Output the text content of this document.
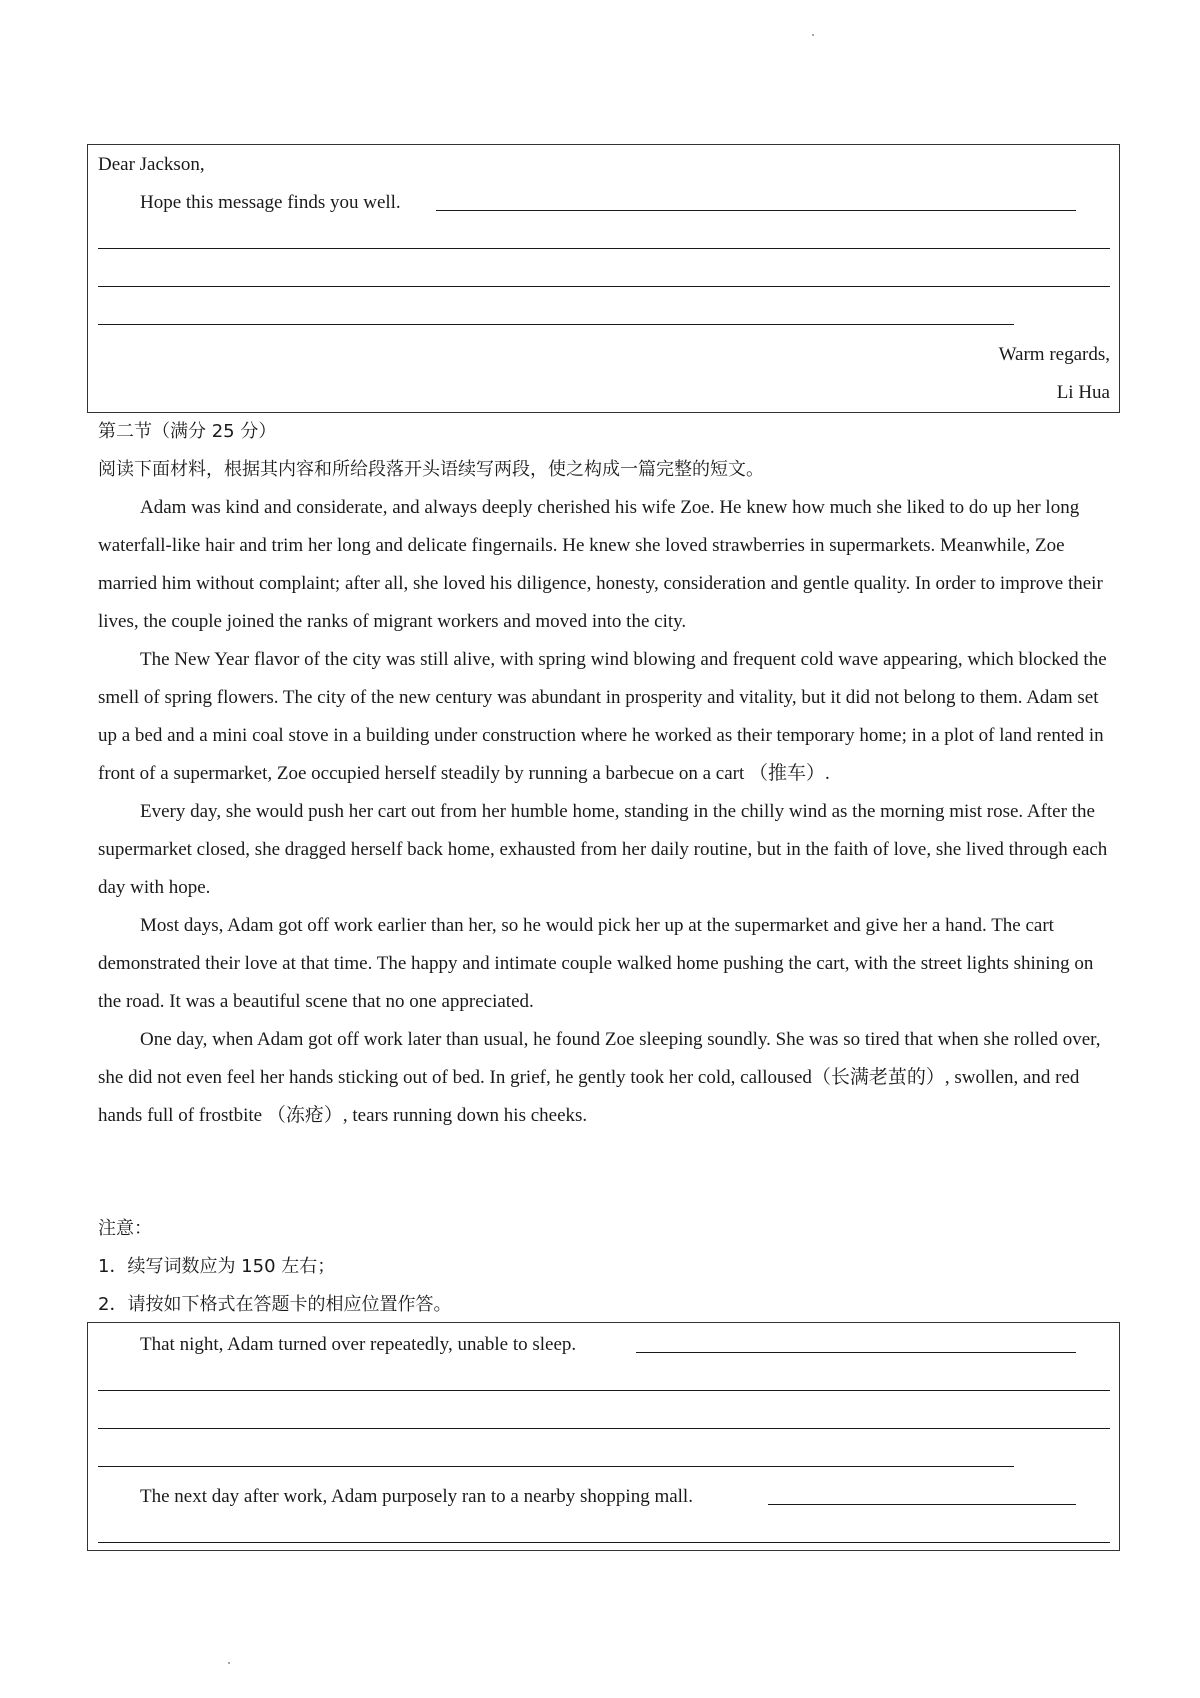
Dear Jackson,
Hope this message finds you well.
Warm regards,
Li Hua
第二节（满分 25 分）
阅读下面材料，根据其内容和所给段落开头语续写两段，使之构成一篇完整的短文。

Adam was kind and considerate, and always deeply cherished his wife Zoe. He knew how much she liked to do up her long waterfall-like hair and trim her long and delicate fingernails. He knew she loved strawberries in supermarkets. Meanwhile, Zoe married him without complaint; after all, she loved his diligence, honesty, consideration and gentle quality. In order to improve their lives, the couple joined the ranks of migrant workers and moved into the city.

The New Year flavor of the city was still alive, with spring wind blowing and frequent cold wave appearing, which blocked the smell of spring flowers. The city of the new century was abundant in prosperity and vitality, but it did not belong to them. Adam set up a bed and a mini coal stove in a building under construction where he worked as their temporary home; in a plot of land rented in front of a supermarket, Zoe occupied herself steadily by running a barbecue on a cart （推车）.

Every day, she would push her cart out from her humble home, standing in the chilly wind as the morning mist rose. After the supermarket closed, she dragged herself back home, exhausted from her daily routine, but in the faith of love, she lived through each day with hope.

Most days, Adam got off work earlier than her, so he would pick her up at the supermarket and give her a hand. The cart demonstrated their love at that time. The happy and intimate couple walked home pushing the cart, with the street lights shining on the road. It was a beautiful scene that no one appreciated.

One day, when Adam got off work later than usual, he found Zoe sleeping soundly. She was so tired that when she rolled over, she did not even feel her hands sticking out of bed. In grief, he gently took her cold, calloused（长满老茧的）, swollen, and red hands full of frostbite （冻疮）, tears running down his cheeks.

注意：
1．续写词数应为 150 左右；
2．请按如下格式在答题卡的相应位置作答。
That night, Adam turned over repeatedly, unable to sleep.
The next day after work, Adam purposely ran to a nearby shopping mall.
